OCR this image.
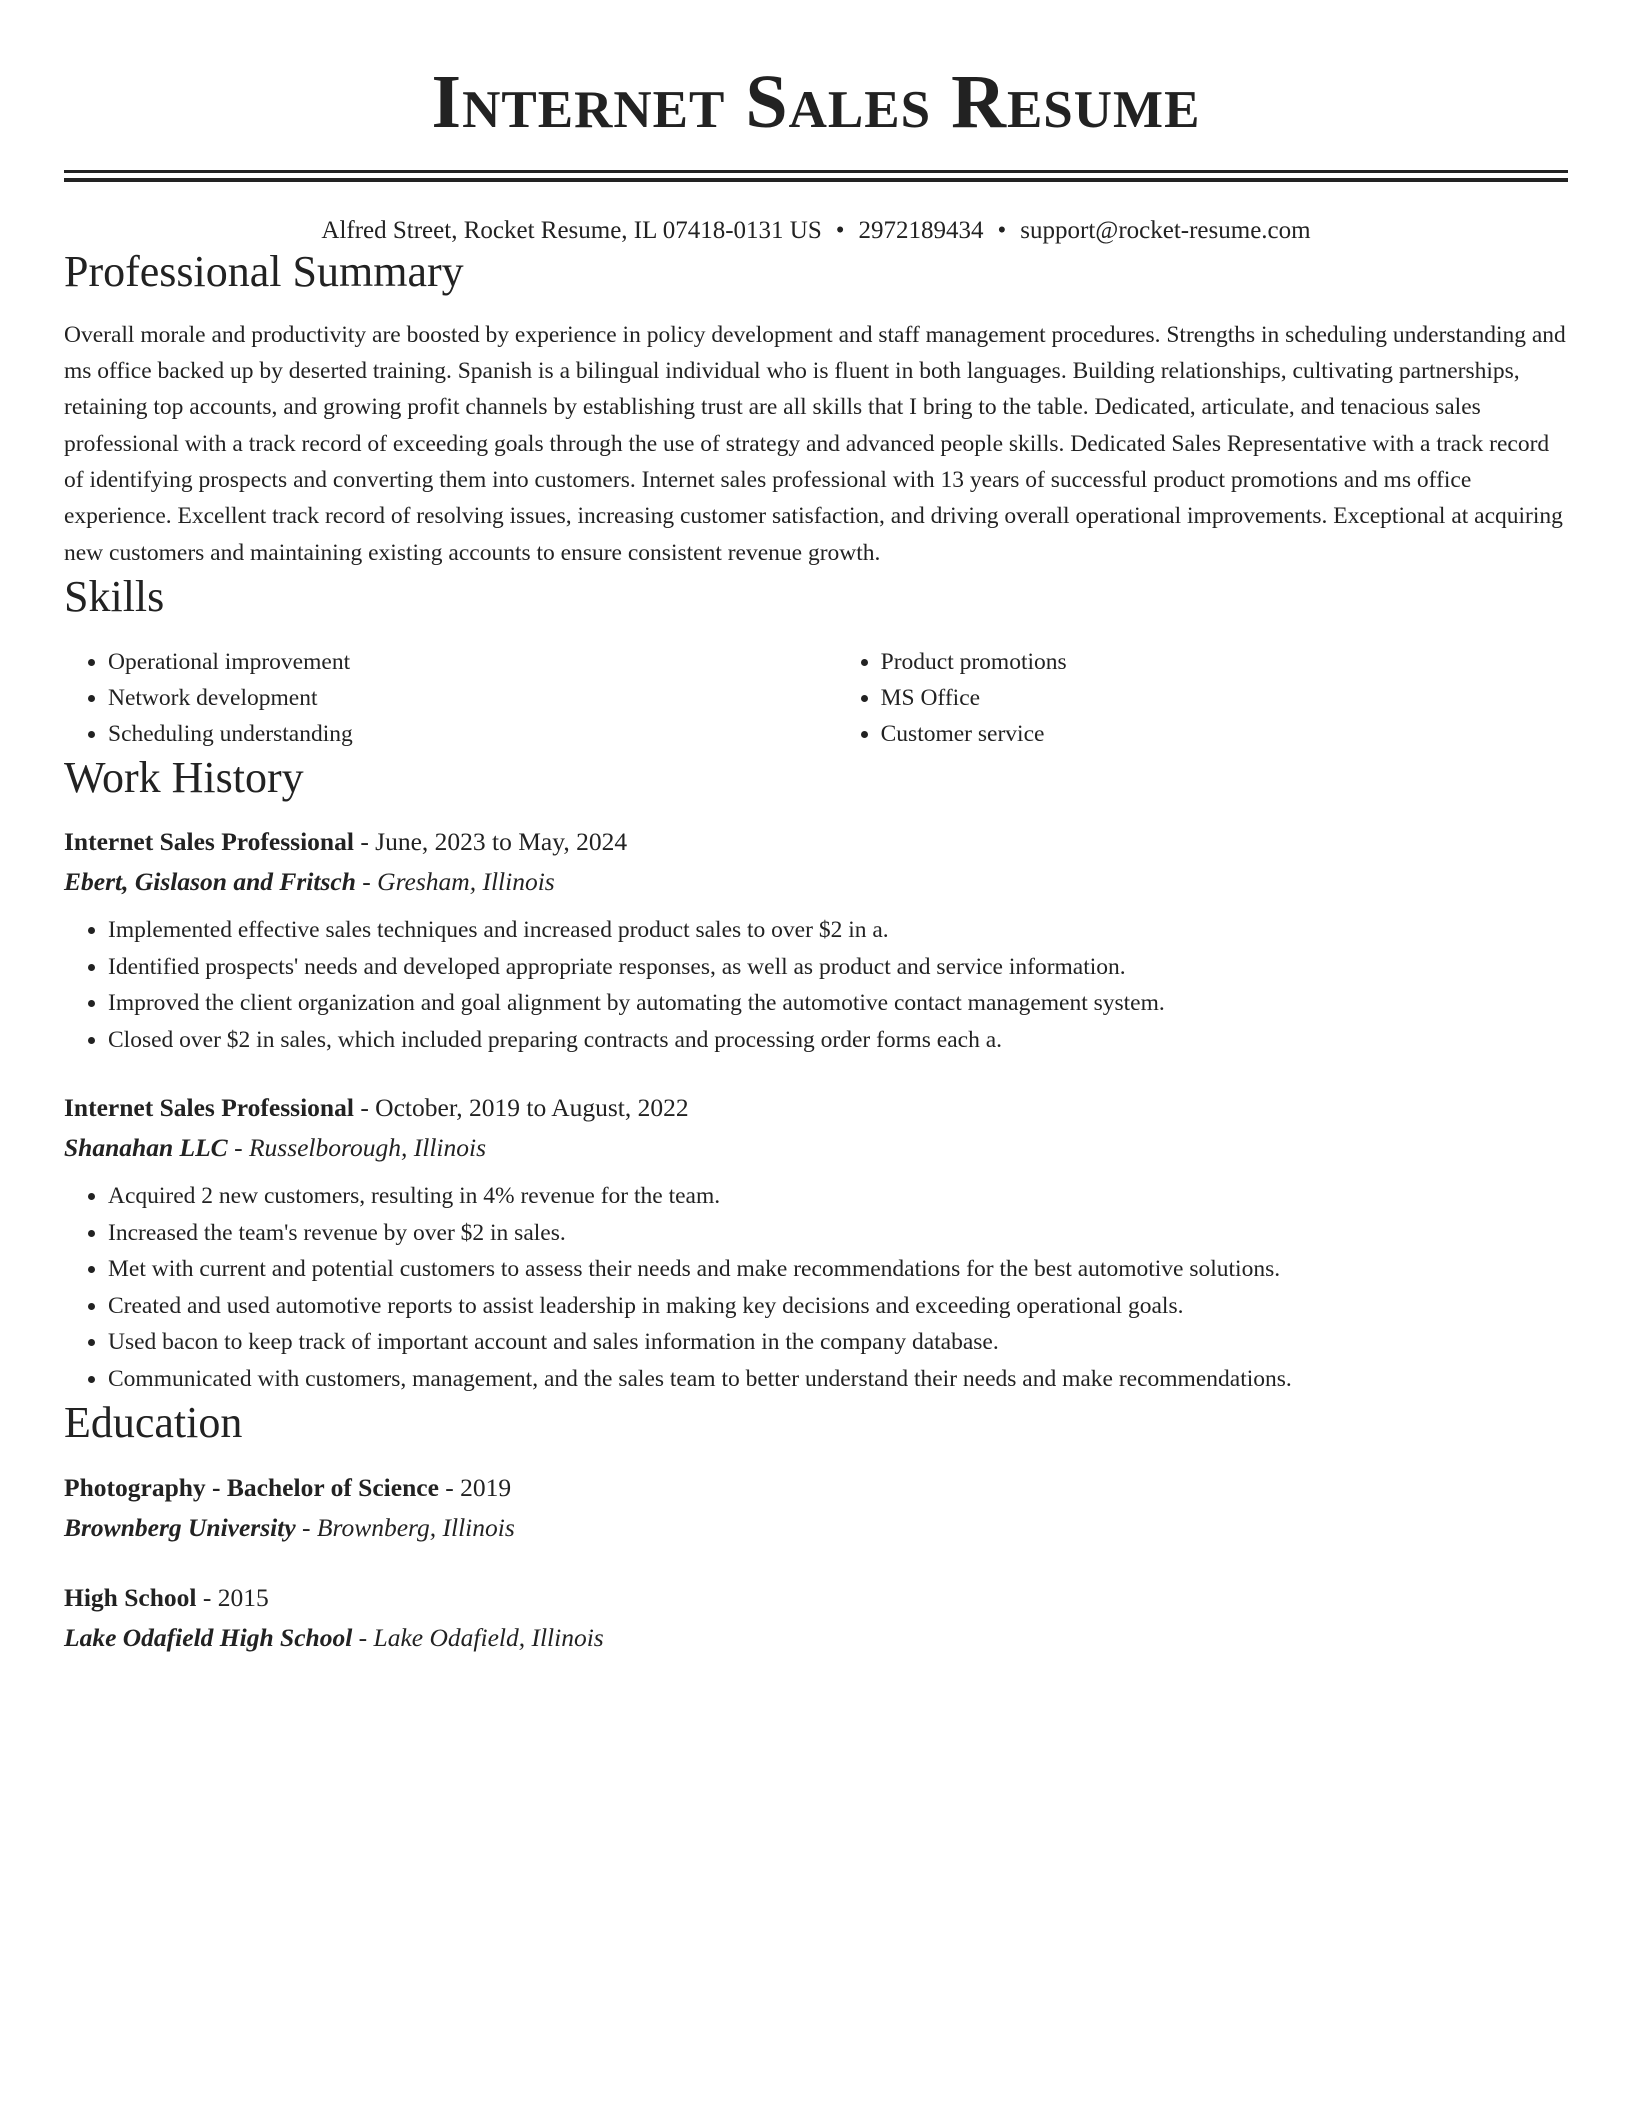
Internet Sales Resume
Alfred Street, Rocket Resume, IL 07418-0131 US • 2972189434 • support@rocket-resume.com
Professional Summary

Overall morale and productivity are boosted by experience in policy development and staff management procedures. Strengths in scheduling understanding and ms office backed up by deserted training. Spanish is a bilingual individual who is fluent in both languages. Building relationships, cultivating partnerships, retaining top accounts, and growing profit channels by establishing trust are all skills that I bring to the table. Dedicated, articulate, and tenacious sales professional with a track record of exceeding goals through the use of strategy and advanced people skills. Dedicated Sales Representative with a track record of identifying prospects and converting them into customers. Internet sales professional with 13 years of successful product promotions and ms office experience. Excellent track record of resolving issues, increasing customer satisfaction, and driving overall operational improvements. Exceptional at acquiring new customers and maintaining existing accounts to ensure consistent revenue growth.

Skills
• Operational improvement
• Network development
• Scheduling understanding
• Product promotions
• MS Office
• Customer service
Work History
Internet Sales Professional - June, 2023 to May, 2024
Ebert, Gislason and Fritsch - Gresham, Illinois
• Implemented effective sales techniques and increased product sales to over $2 in a.
• Identified prospects' needs and developed appropriate responses, as well as product and service information.
• Improved the client organization and goal alignment by automating the automotive contact management system.
• Closed over $2 in sales, which included preparing contracts and processing order forms each a.
Internet Sales Professional - October, 2019 to August, 2022
Shanahan LLC - Russelborough, Illinois
• Acquired 2 new customers, resulting in 4% revenue for the team.
• Increased the team's revenue by over $2 in sales.
• Met with current and potential customers to assess their needs and make recommendations for the best automotive solutions.
• Created and used automotive reports to assist leadership in making key decisions and exceeding operational goals.
• Used bacon to keep track of important account and sales information in the company database.
• Communicated with customers, management, and the sales team to better understand their needs and make recommendations.
Education
Photography - Bachelor of Science - 2019
Brownberg University - Brownberg, Illinois
High School - 2015
Lake Odafield High School - Lake Odafield, Illinois
